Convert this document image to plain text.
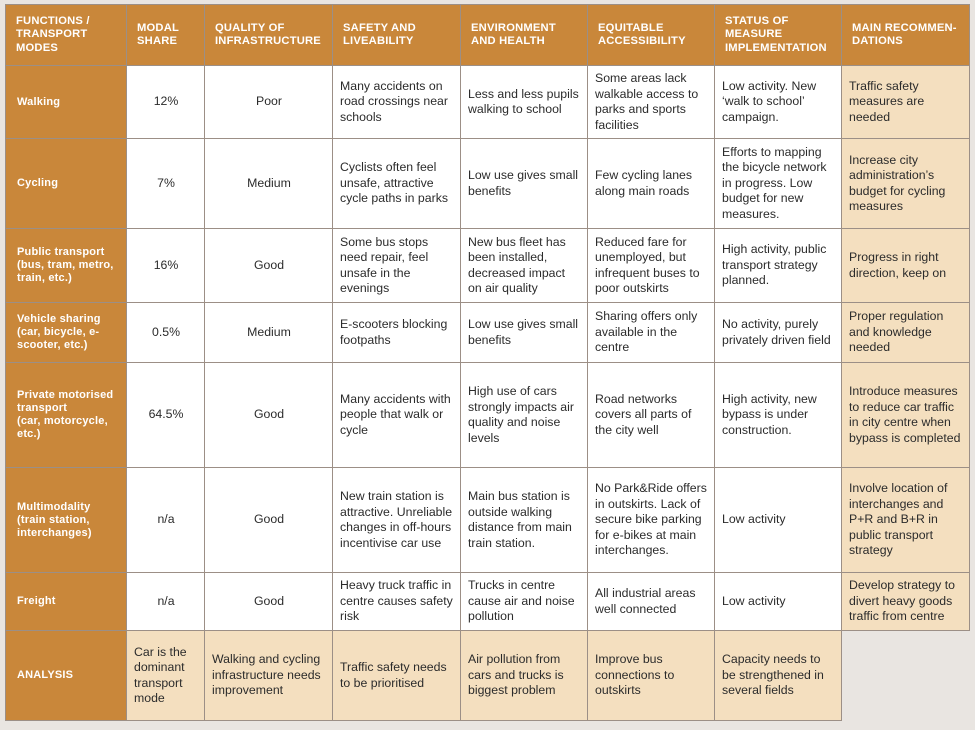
FUNCTIONS / TRANSPORT MODES	MODAL SHARE	QUALITY OF INFRASTRUCTURE	SAFETY AND LIVEABILITY	ENVIRONMENT AND HEALTH	EQUITABLE ACCESSIBILITY	STATUS OF MEASURE IMPLEMENTATION	MAIN RECOMMEN-DATIONS

Walking	12%	Poor	Many accidents on road crossings near schools	Less and less pupils walking to school	Some areas lack walkable access to parks and sports facilities	Low activity. New ‘walk to school’ campaign.	Traffic safety measures are needed

Cycling	7%	Medium	Cyclists often feel unsafe, attractive cycle paths in parks	Low use gives small benefits	Few cycling lanes along main roads	Efforts to mapping the bicycle network in progress. Low budget for new measures.	Increase city administration’s budget for cycling measures

Public transport
(bus, tram, metro, train, etc.)	16%	Good	Some bus stops need repair, feel unsafe in the evenings	New bus fleet has been installed, decreased impact on air quality	Reduced fare for unemployed, but infrequent buses to poor outskirts	High activity, public transport strategy planned.	Progress in right direction, keep on

Vehicle sharing
(car, bicycle, e-scooter, etc.)	0.5%	Medium	E-scooters blocking footpaths	Low use gives small benefits	Sharing offers only available in the centre	No activity, purely privately driven field	Proper regulation and knowledge needed

Private motorised transport
(car, motorcycle, etc.)	64.5%	Good	Many accidents with people that walk or cycle	High use of cars strongly impacts air quality and noise levels	Road networks covers all parts of the city well	High activity, new bypass is under construction.	Introduce measures to reduce car traffic in city centre when bypass is completed

Multimodality
(train station, interchanges)	n/a	Good	New train station is attractive. Unreliable changes in off-hours incentivise car use	Main bus station is outside walking distance from main train station.	No Park&Ride offers in outskirts. Lack of secure bike parking for e-bikes at main interchanges.	Low activity	Involve location of interchanges and P+R and B+R in public transport strategy

Freight	n/a	Good	Heavy truck traffic in centre causes safety risk	Trucks in centre cause air and noise pollution	All industrial areas well connected	Low activity	Develop strategy to divert heavy goods traffic from centre
ANALYSIS	Car is the dominant transport mode	Walking and cycling infrastructure needs improvement	Traffic safety needs to be prioritised	Air pollution from cars and trucks is biggest problem	Improve bus connections to outskirts	Capacity needs to be strengthened in several fields	
